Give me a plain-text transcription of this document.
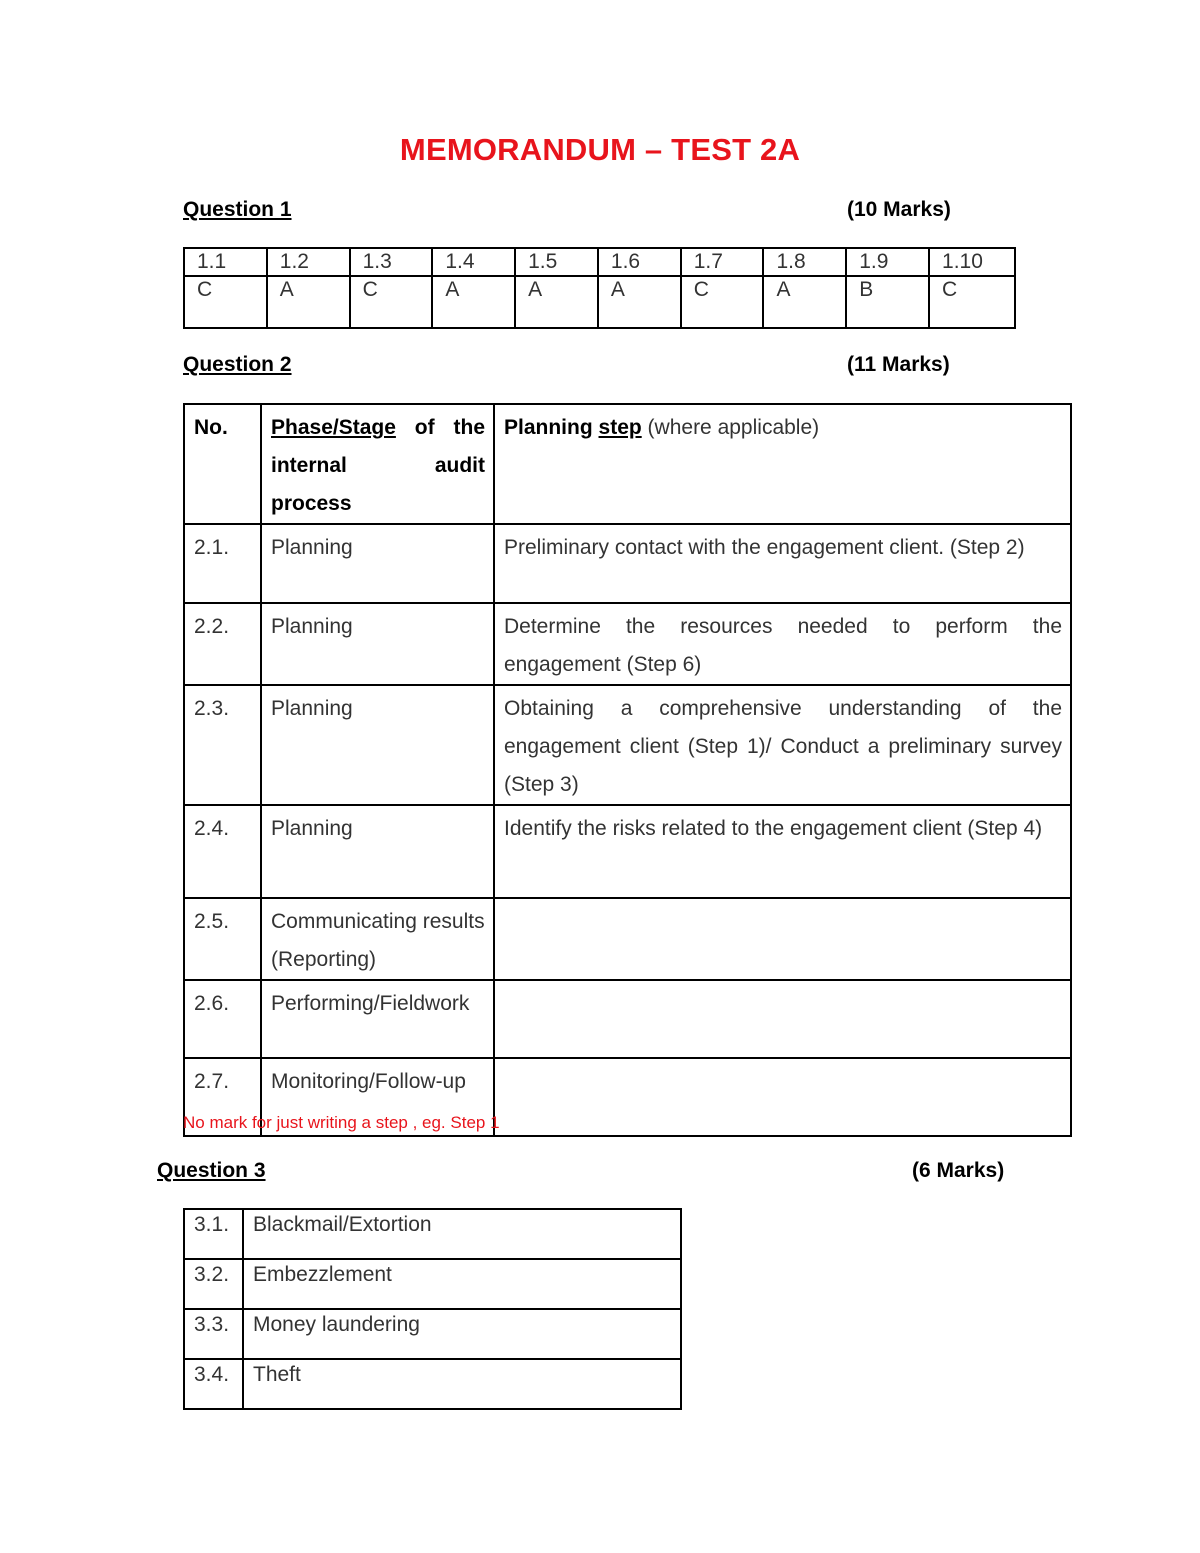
MEMORANDUM – TEST 2A
Question 1	(10 Marks)
1.1	1.2	1.3	1.4	1.5	1.6	1.7	1.8	1.9	1.10
C	A	C	A	A	A	C	A	B	C
Question 2	(11 Marks)
No.	Phase/Stage of the internal audit process	Planning step (where applicable)
2.1.	Planning	Preliminary contact with the engagement client. (Step 2)
2.2.	Planning	Determine the resources needed to perform the engagement (Step 6)
2.3.	Planning	Obtaining a comprehensive understanding of the engagement client (Step 1)/ Conduct a preliminary survey (Step 3)
2.4.	Planning	Identify the risks related to the engagement client (Step 4)
2.5.	Communicating results (Reporting)	
2.6.	Performing/Fieldwork	
2.7.	Monitoring/Follow-up	
No mark for just writing a step , eg. Step 1
Question 3	(6 Marks)
3.1.	Blackmail/Extortion
3.2.	Embezzlement
3.3.	Money laundering
3.4.	Theft
